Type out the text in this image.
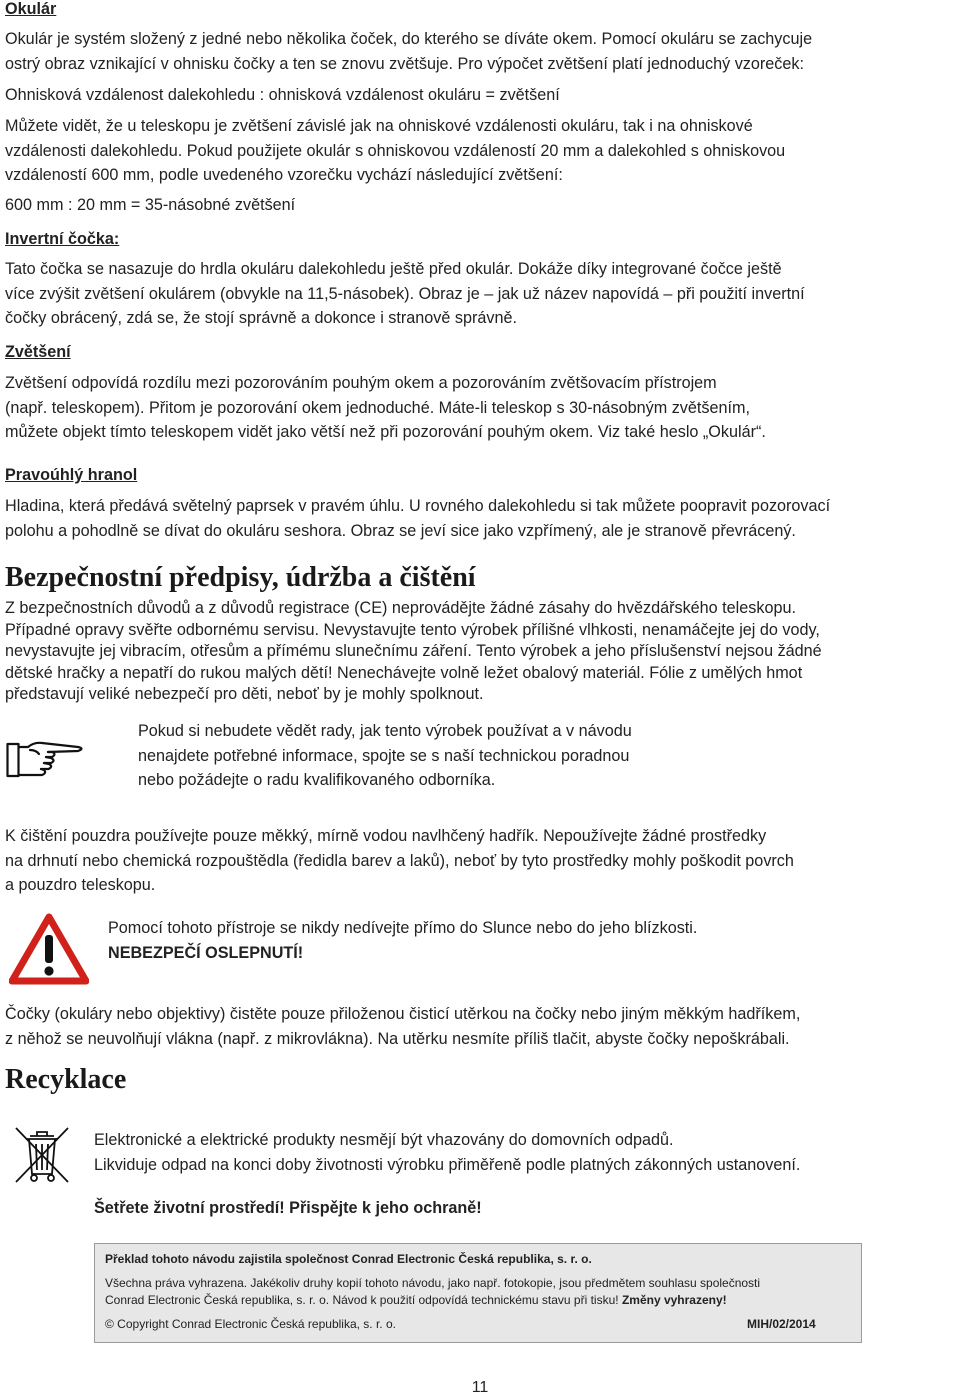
Okulár
Okulár je systém složený z jedné nebo několika čoček, do kterého se díváte okem. Pomocí okuláru se zachycuje
ostrý obraz vznikající v ohnisku čočky a ten se znovu zvětšuje. Pro výpočet zvětšení platí jednoduchý vzoreček:
Ohnisková vzdálenost dalekohledu : ohnisková vzdálenost okuláru = zvětšení
Můžete vidět, že u teleskopu je zvětšení závislé jak na ohniskové vzdálenosti okuláru, tak i na ohniskové
vzdálenosti dalekohledu. Pokud použijete okulár s ohniskovou vzdáleností 20 mm a dalekohled s ohniskovou
vzdáleností 600 mm, podle uvedeného vzorečku vychází následující zvětšení:
600 mm : 20 mm = 35-násobné zvětšení
Invertní čočka:
Tato čočka se nasazuje do hrdla okuláru dalekohledu ještě před okulár. Dokáže díky integrované čočce ještě
více zvýšit zvětšení okulárem (obvykle na 11,5-násobek). Obraz je – jak už název napovídá – při použití invertní
čočky obrácený, zdá se, že stojí správně a dokonce i stranově správně.
Zvětšení
Zvětšení odpovídá rozdílu mezi pozorováním pouhým okem a pozorováním zvětšovacím přístrojem
(např. teleskopem). Přitom je pozorování okem jednoduché. Máte-li teleskop s 30-násobným zvětšením,
můžete objekt tímto teleskopem vidět jako větší než při pozorování pouhým okem. Viz také heslo „Okulár“.
Pravoúhlý hranol
Hladina, která předává světelný paprsek v pravém úhlu. U rovného dalekohledu si tak můžete poopravit pozorovací
polohu a pohodlně se dívat do okuláru seshora. Obraz se jeví sice jako vzpřímený, ale je stranově převrácený.
Bezpečnostní předpisy, údržba a čištění
Z bezpečnostních důvodů a z důvodů registrace (CE) neprovádějte žádné zásahy do hvězdářského teleskopu.
Případné opravy svěřte odbornému servisu. Nevystavujte tento výrobek přílišné vlhkosti, nenamáčejte jej do vody,
nevystavujte jej vibracím, otřesům a přímému slunečnímu záření. Tento výrobek a jeho příslušenství nejsou žádné
dětské hračky a nepatří do rukou malých dětí! Nenechávejte volně ležet obalový materiál. Fólie z umělých hmot
představují veliké nebezpečí pro děti, neboť by je mohly spolknout.
Pokud si nebudete vědět rady, jak tento výrobek používat a v návodu
nenajdete potřebné informace, spojte se s naší technickou poradnou
nebo požádejte o radu kvalifikovaného odborníka.
K čištění pouzdra používejte pouze měkký, mírně vodou navlhčený hadřík. Nepoužívejte žádné prostředky
na drhnutí nebo chemická rozpouštědla (ředidla barev a laků), neboť by tyto prostředky mohly poškodit povrch
a pouzdro teleskopu.
Pomocí tohoto přístroje se nikdy nedívejte přímo do Slunce nebo do jeho blízkosti.
NEBEZPEČÍ OSLEPNUTÍ!
Čočky (okuláry nebo objektivy) čistěte pouze přiloženou čisticí utěrkou na čočky nebo jiným měkkým hadříkem,
z něhož se neuvolňují vlákna (např. z mikrovlákna). Na utěrku nesmíte příliš tlačit, abyste čočky nepoškrábali.
Recyklace
Elektronické a elektrické produkty nesmějí být vhazovány do domovních odpadů.
Likviduje odpad na konci doby životnosti výrobku přiměřeně podle platných zákonných ustanovení.
Šetřete životní prostředí! Přispějte k jeho ochraně!
Překlad tohoto návodu zajistila společnost Conrad Electronic Česká republika, s. r. o.
Všechna práva vyhrazena. Jakékoliv druhy kopií tohoto návodu, jako např. fotokopie, jsou předmětem souhlasu společnosti
Conrad Electronic Česká republika, s. r. o. Návod k použití odpovídá technickému stavu při tisku! Změny vyhrazeny!
© Copyright Conrad Electronic Česká republika, s. r. o.	MIH/02/2014
11
